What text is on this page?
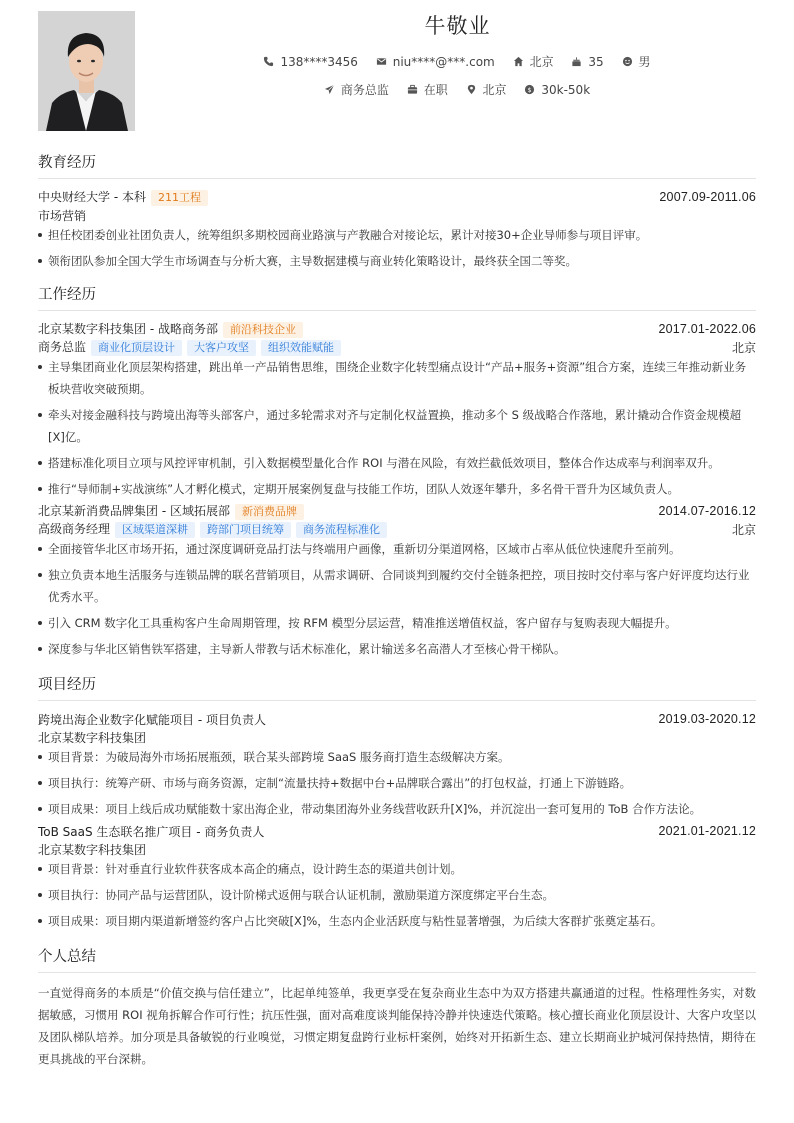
牛敬业
138****3456	niu****@***.com	北京	35	男
商务总监	在职	北京	$ 30k-50k
教育经历
中央财经大学 - 本科 211工程	2007.09-2011.06
市场营销
担任校团委创业社团负责人，统筹组织多期校园商业路演与产教融合对接论坛，累计对接30+企业导师参与项目评审。
领衔团队参加全国大学生市场调查与分析大赛，主导数据建模与商业转化策略设计，最终获全国二等奖。
工作经历
北京某数字科技集团 - 战略商务部 前沿科技企业	2017.01-2022.06
商务总监 商业化顶层设计 大客户攻坚 组织效能赋能	北京
主导集团商业化顶层架构搭建，跳出单一产品销售思维，围绕企业数字化转型痛点设计“产品+服务+资源”组合方案，连续三年推动新业务板块营收突破预期。
牵头对接金融科技与跨境出海等头部客户，通过多轮需求对齐与定制化权益置换，推动多个 S 级战略合作落地，累计撬动合作资金规模超[X]亿。
搭建标准化项目立项与风控评审机制，引入数据模型量化合作 ROI 与潜在风险，有效拦截低效项目，整体合作达成率与利润率双升。
推行“导师制+实战演练”人才孵化模式，定期开展案例复盘与技能工作坊，团队人效逐年攀升，多名骨干晋升为区域负责人。
北京某新消费品牌集团 - 区域拓展部 新消费品牌	2014.07-2016.12
高级商务经理 区域渠道深耕 跨部门项目统筹 商务流程标准化	北京
全面接管华北区市场开拓，通过深度调研竞品打法与终端用户画像，重新切分渠道网格，区域市占率从低位快速爬升至前列。
独立负责本地生活服务与连锁品牌的联名营销项目，从需求调研、合同谈判到履约交付全链条把控，项目按时交付率与客户好评度均达行业优秀水平。
引入 CRM 数字化工具重构客户生命周期管理，按 RFM 模型分层运营，精准推送增值权益，客户留存与复购表现大幅提升。
深度参与华北区销售铁军搭建，主导新人带教与话术标准化，累计输送多名高潜人才至核心骨干梯队。
项目经历
跨境出海企业数字化赋能项目 - 项目负责人	2019.03-2020.12
北京某数字科技集团
项目背景：为破局海外市场拓展瓶颈，联合某头部跨境 SaaS 服务商打造生态级解决方案。
项目执行：统筹产研、市场与商务资源，定制“流量扶持+数据中台+品牌联合露出”的打包权益，打通上下游链路。
项目成果：项目上线后成功赋能数十家出海企业，带动集团海外业务线营收跃升[X]%，并沉淀出一套可复用的 ToB 合作方法论。
ToB SaaS 生态联名推广项目 - 商务负责人	2021.01-2021.12
北京某数字科技集团
项目背景：针对垂直行业软件获客成本高企的痛点，设计跨生态的渠道共创计划。
项目执行：协同产品与运营团队，设计阶梯式返佣与联合认证机制，激励渠道方深度绑定平台生态。
项目成果：项目期内渠道新增签约客户占比突破[X]%，生态内企业活跃度与粘性显著增强，为后续大客群扩张奠定基石。
个人总结
一直觉得商务的本质是“价值交换与信任建立”，比起单纯签单，我更享受在复杂商业生态中为双方搭建共赢通道的过程。性格理性务实，对数据敏感，习惯用 ROI 视角拆解合作可行性；抗压性强，面对高难度谈判能保持冷静并快速迭代策略。核心擅长商业化顶层设计、大客户攻坚以及团队梯队培养。加分项是具备敏锐的行业嗅觉，习惯定期复盘跨行业标杆案例，始终对开拓新生态、建立长期商业护城河保持热情，期待在更具挑战的平台深耕。
